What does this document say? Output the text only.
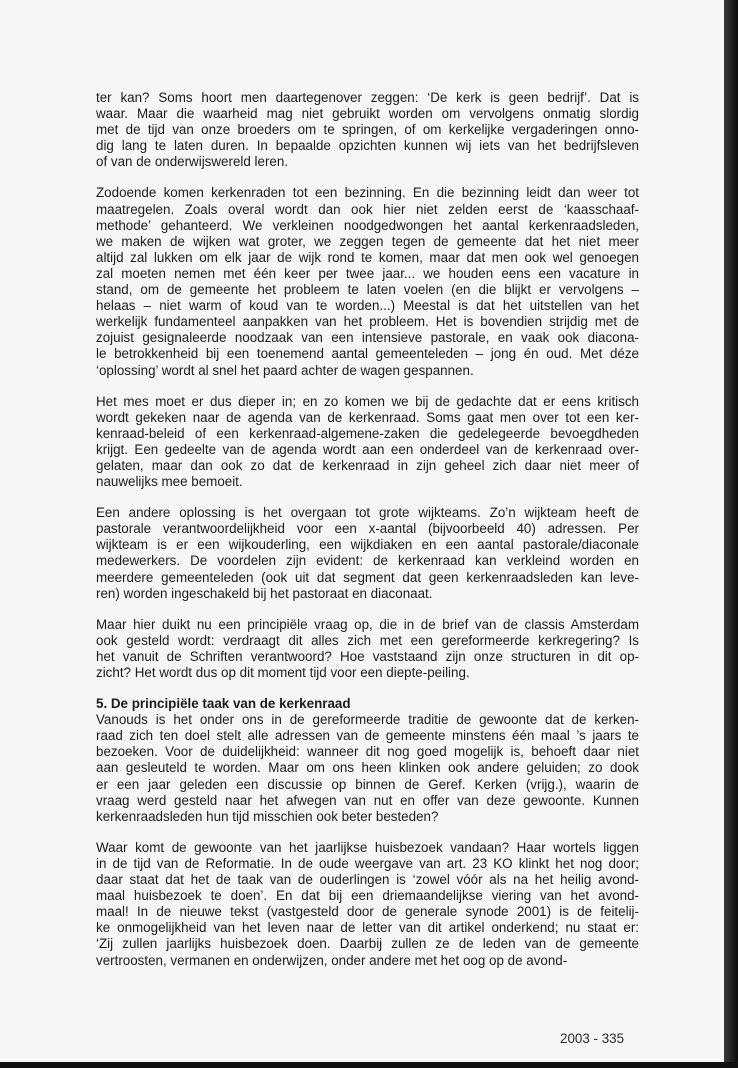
ter kan? Soms hoort men daartegenover zeggen: ‘De kerk is geen bedrijf’. Dat is
waar. Maar die waarheid mag niet gebruikt worden om vervolgens onmatig slordig
met de tijd van onze broeders om te springen, of om kerkelijke vergaderingen onno-
dig lang te laten duren. In bepaalde opzichten kunnen wij iets van het bedrijfsleven
of van de onderwijswereld leren.
Zodoende komen kerkenraden tot een bezinning. En die bezinning leidt dan weer tot
maatregelen. Zoals overal wordt dan ook hier niet zelden eerst de ‘kaasschaaf-
methode’ gehanteerd. We verkleinen noodgedwongen het aantal kerkenraadsleden,
we maken de wijken wat groter, we zeggen tegen de gemeente dat het niet meer
altijd zal lukken om elk jaar de wijk rond te komen, maar dat men ook wel genoegen
zal moeten nemen met één keer per twee jaar... we houden eens een vacature in
stand, om de gemeente het probleem te laten voelen (en die blijkt er vervolgens –
helaas – niet warm of koud van te worden...) Meestal is dat het uitstellen van het
werkelijk fundamenteel aanpakken van het probleem. Het is bovendien strijdig met de
zojuist gesignaleerde noodzaak van een intensieve pastorale, en vaak ook diacona-
le betrokkenheid bij een toenemend aantal gemeenteleden – jong én oud. Met déze
‘oplossing’ wordt al snel het paard achter de wagen gespannen.
Het mes moet er dus dieper in; en zo komen we bij de gedachte dat er eens kritisch
wordt gekeken naar de agenda van de kerkenraad. Soms gaat men over tot een ker-
kenraad-beleid of een kerkenraad-algemene-zaken die gedelegeerde bevoegdheden
krijgt. Een gedeelte van de agenda wordt aan een onderdeel van de kerkenraad over-
gelaten, maar dan ook zo dat de kerkenraad in zijn geheel zich daar niet meer of
nauwelijks mee bemoeit.
Een andere oplossing is het overgaan tot grote wijkteams. Zo’n wijkteam heeft de
pastorale verantwoordelijkheid voor een x-aantal (bijvoorbeeld 40) adressen. Per
wijkteam is er een wijkouderling, een wijkdiaken en een aantal pastorale/diaconale
medewerkers. De voordelen zijn evident: de kerkenraad kan verkleind worden en
meerdere gemeenteleden (ook uit dat segment dat geen kerkenraadsleden kan leve-
ren) worden ingeschakeld bij het pastoraat en diaconaat.
Maar hier duikt nu een principiële vraag op, die in de brief van de classis Amsterdam
ook gesteld wordt: verdraagt dit alles zich met een gereformeerde kerkregering? Is
het vanuit de Schriften verantwoord? Hoe vaststaand zijn onze structuren in dit op-
zicht? Het wordt dus op dit moment tijd voor een diepte-peiling.
5. De principiële taak van de kerkenraad
Vanouds is het onder ons in de gereformeerde traditie de gewoonte dat de kerken-
raad zich ten doel stelt alle adressen van de gemeente minstens één maal ’s jaars te
bezoeken. Voor de duidelijkheid: wanneer dit nog goed mogelijk is, behoeft daar niet
aan gesleuteld te worden. Maar om ons heen klinken ook andere geluiden; zo dook
er een jaar geleden een discussie op binnen de Geref. Kerken (vrijg.), waarin de
vraag werd gesteld naar het afwegen van nut en offer van deze gewoonte. Kunnen
kerkenraadsleden hun tijd misschien ook beter besteden?
Waar komt de gewoonte van het jaarlijkse huisbezoek vandaan? Haar wortels liggen
in de tijd van de Reformatie. In de oude weergave van art. 23 KO klinkt het nog door;
daar staat dat het de taak van de ouderlingen is ‘zowel vóór als na het heilig avond-
maal huisbezoek te doen’. En dat bij een driemaandelijkse viering van het avond-
maal! In de nieuwe tekst (vastgesteld door de generale synode 2001) is de feitelij-
ke onmogelijkheid van het leven naar de letter van dit artikel onderkend; nu staat er:
‘Zij zullen jaarlijks huisbezoek doen. Daarbij zullen ze de leden van de gemeente
vertroosten, vermanen en onderwijzen, onder andere met het oog op de avond-
2003 - 335
